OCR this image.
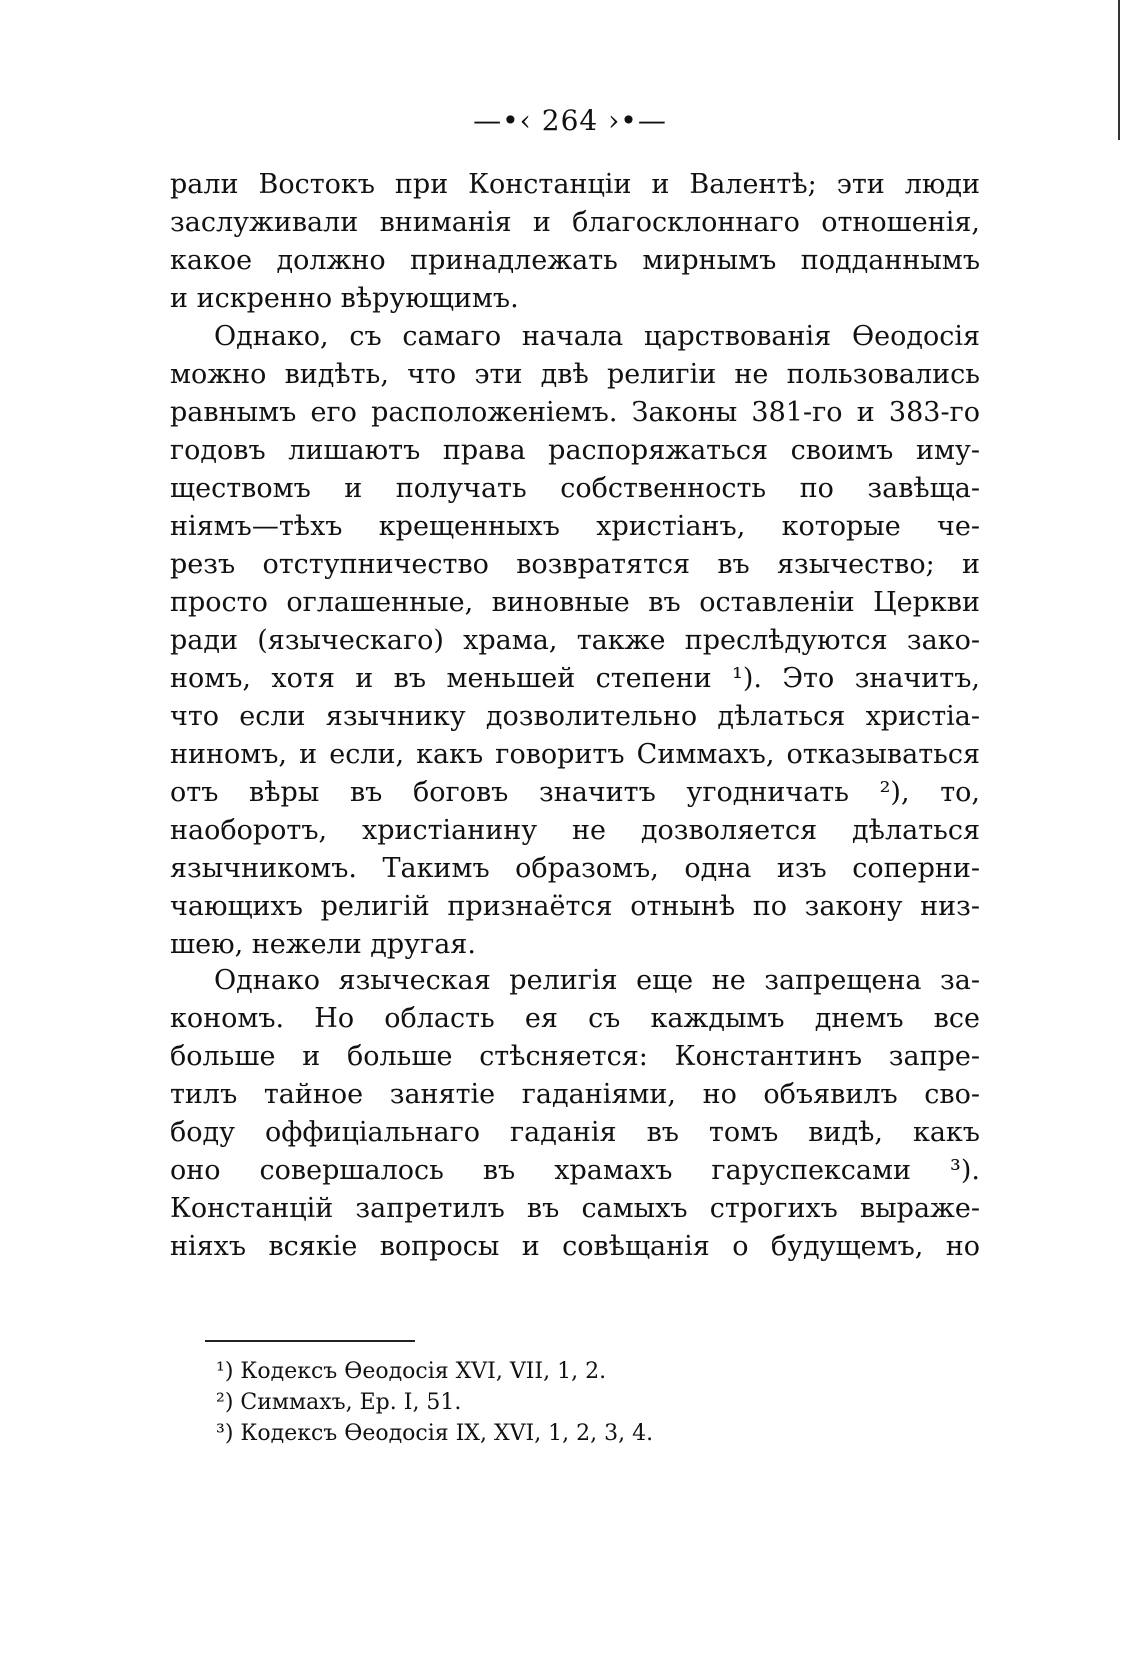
—•‹ 264 ›•—
рали Востокъ при Констанціи и Валентѣ; эти люди
заслуживали вниманія и благосклоннаго отношенія,
какое должно принадлежать мирнымъ подданнымъ
и искренно вѣрующимъ.
Однако, съ самаго начала царствованія Ѳеодосія
можно видѣть, что эти двѣ религіи не пользовались
равнымъ его расположеніемъ. Законы 381-го и 383-го
годовъ лишаютъ права распоряжаться своимъ иму-
ществомъ и получать собственность по завѣща-
ніямъ—тѣхъ крещенныхъ христіанъ, которые че-
резъ отступничество возвратятся въ язычество; и
просто оглашенные, виновные въ оставленіи Церкви
ради (языческаго) храма, также преслѣдуются зако-
номъ, хотя и въ меньшей степени ¹). Это значитъ,
что если язычнику дозволительно дѣлаться христіа-
ниномъ, и если, какъ говоритъ Симмахъ, отказываться
отъ вѣры въ боговъ значитъ угодничать ²), то,
наоборотъ, христіанину не дозволяется дѣлаться
язычникомъ. Такимъ образомъ, одна изъ соперни-
чающихъ религій признаётся отнынѣ по закону низ-
шею, нежели другая.
Однако языческая религія еще не запрещена за-
кономъ. Но область ея съ каждымъ днемъ все
больше и больше стѣсняется: Константинъ запре-
тилъ тайное занятіе гаданіями, но объявилъ сво-
боду оффиціальнаго гаданія въ томъ видѣ, какъ
оно совершалось въ храмахъ гаруспексами ³).
Констанцій запретилъ въ самыхъ строгихъ выраже-
ніяхъ всякіе вопросы и совѣщанія о будущемъ, но
¹) Кодексъ Ѳеодосія XVI, VII, 1, 2.
²) Симмахъ, Ер. I, 51.
³) Кодексъ Ѳеодосія IX, XVI, 1, 2, 3, 4.
